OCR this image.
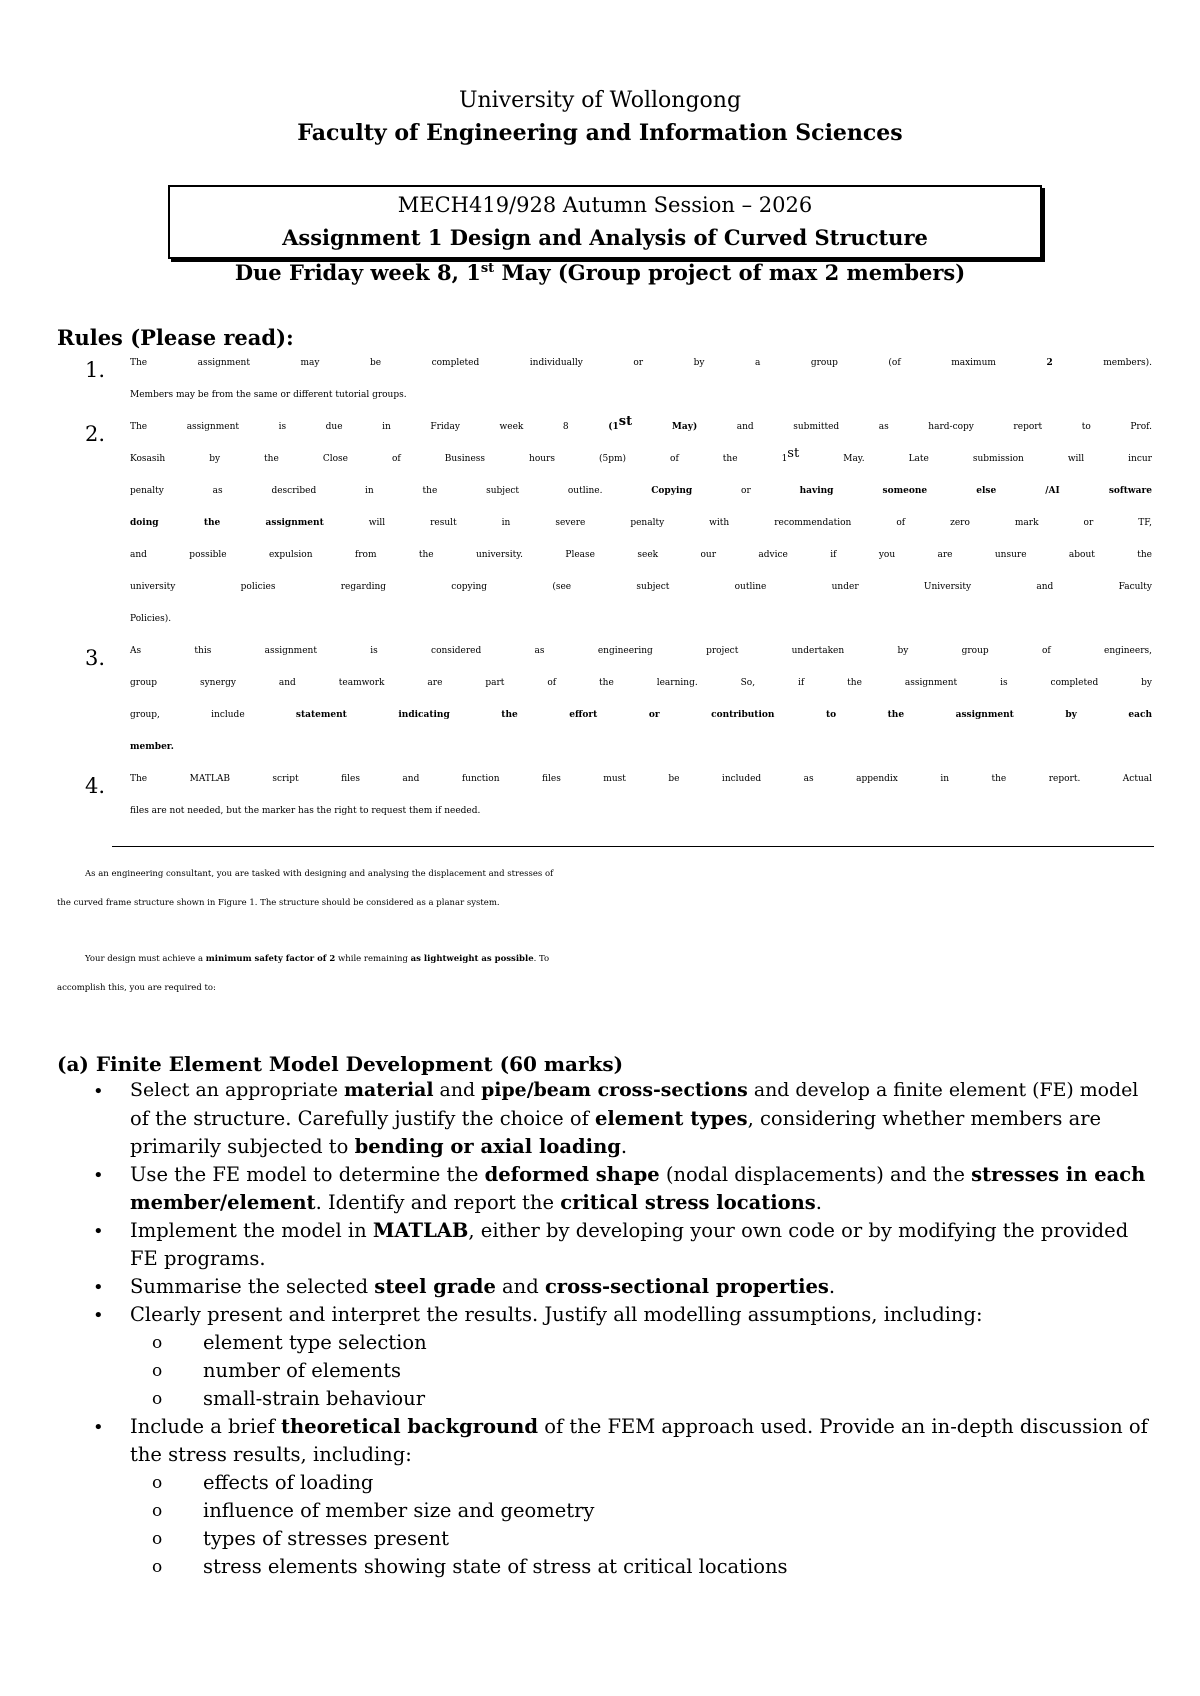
University of Wollongong
Faculty of Engineering and Information Sciences
MECH419/928 Autumn Session – 2026
Assignment 1 Design and Analysis of Curved Structure
Due Friday week 8, 1st May (Group project of max 2 members)
Rules (Please read):
1.	The assignment may be completed individually or by a group (of maximum 2 members).
Members may be from the same or different tutorial groups.
2.	The assignment is due in Friday week 8 (1st May) and submitted as hard-copy report to Prof.
Kosasih by the Close of Business hours (5pm) of the 1st May. Late submission will incur
penalty as described in the subject outline. Copying or having someone else /AI software
doing the assignment will result in severe penalty with recommendation of zero mark or TF,
and possible expulsion from the university. Please seek our advice if you are unsure about the
university policies regarding copying (see subject outline under University and Faculty
Policies).
3.	As this assignment is considered as engineering project undertaken by group of engineers,
group synergy and teamwork are part of the learning. So, if the assignment is completed by
group, include statement indicating the effort or contribution to the assignment by each
member.
4.	The MATLAB script files and function files must be included as appendix in the report. Actual
files are not needed, but the marker has the right to request them if needed.
As an engineering consultant, you are tasked with designing and analysing the displacement and stresses of
the curved frame structure shown in Figure 1. The structure should be considered as a planar system.
Your design must achieve a minimum safety factor of 2 while remaining as lightweight as possible. To
accomplish this, you are required to:
(a) Finite Element Model Development (60 marks)
• Select an appropriate material and pipe/beam cross-sections and develop a finite element (FE) model
of the structure. Carefully justify the choice of element types, considering whether members are
primarily subjected to bending or axial loading.
• Use the FE model to determine the deformed shape (nodal displacements) and the stresses in each
member/element. Identify and report the critical stress locations.
• Implement the model in MATLAB, either by developing your own code or by modifying the provided
FE programs.
• Summarise the selected steel grade and cross-sectional properties.
• Clearly present and interpret the results. Justify all modelling assumptions, including:
o element type selection
o number of elements
o small-strain behaviour
• Include a brief theoretical background of the FEM approach used. Provide an in-depth discussion of
the stress results, including:
o effects of loading
o influence of member size and geometry
o types of stresses present
o stress elements showing state of stress at critical locations
